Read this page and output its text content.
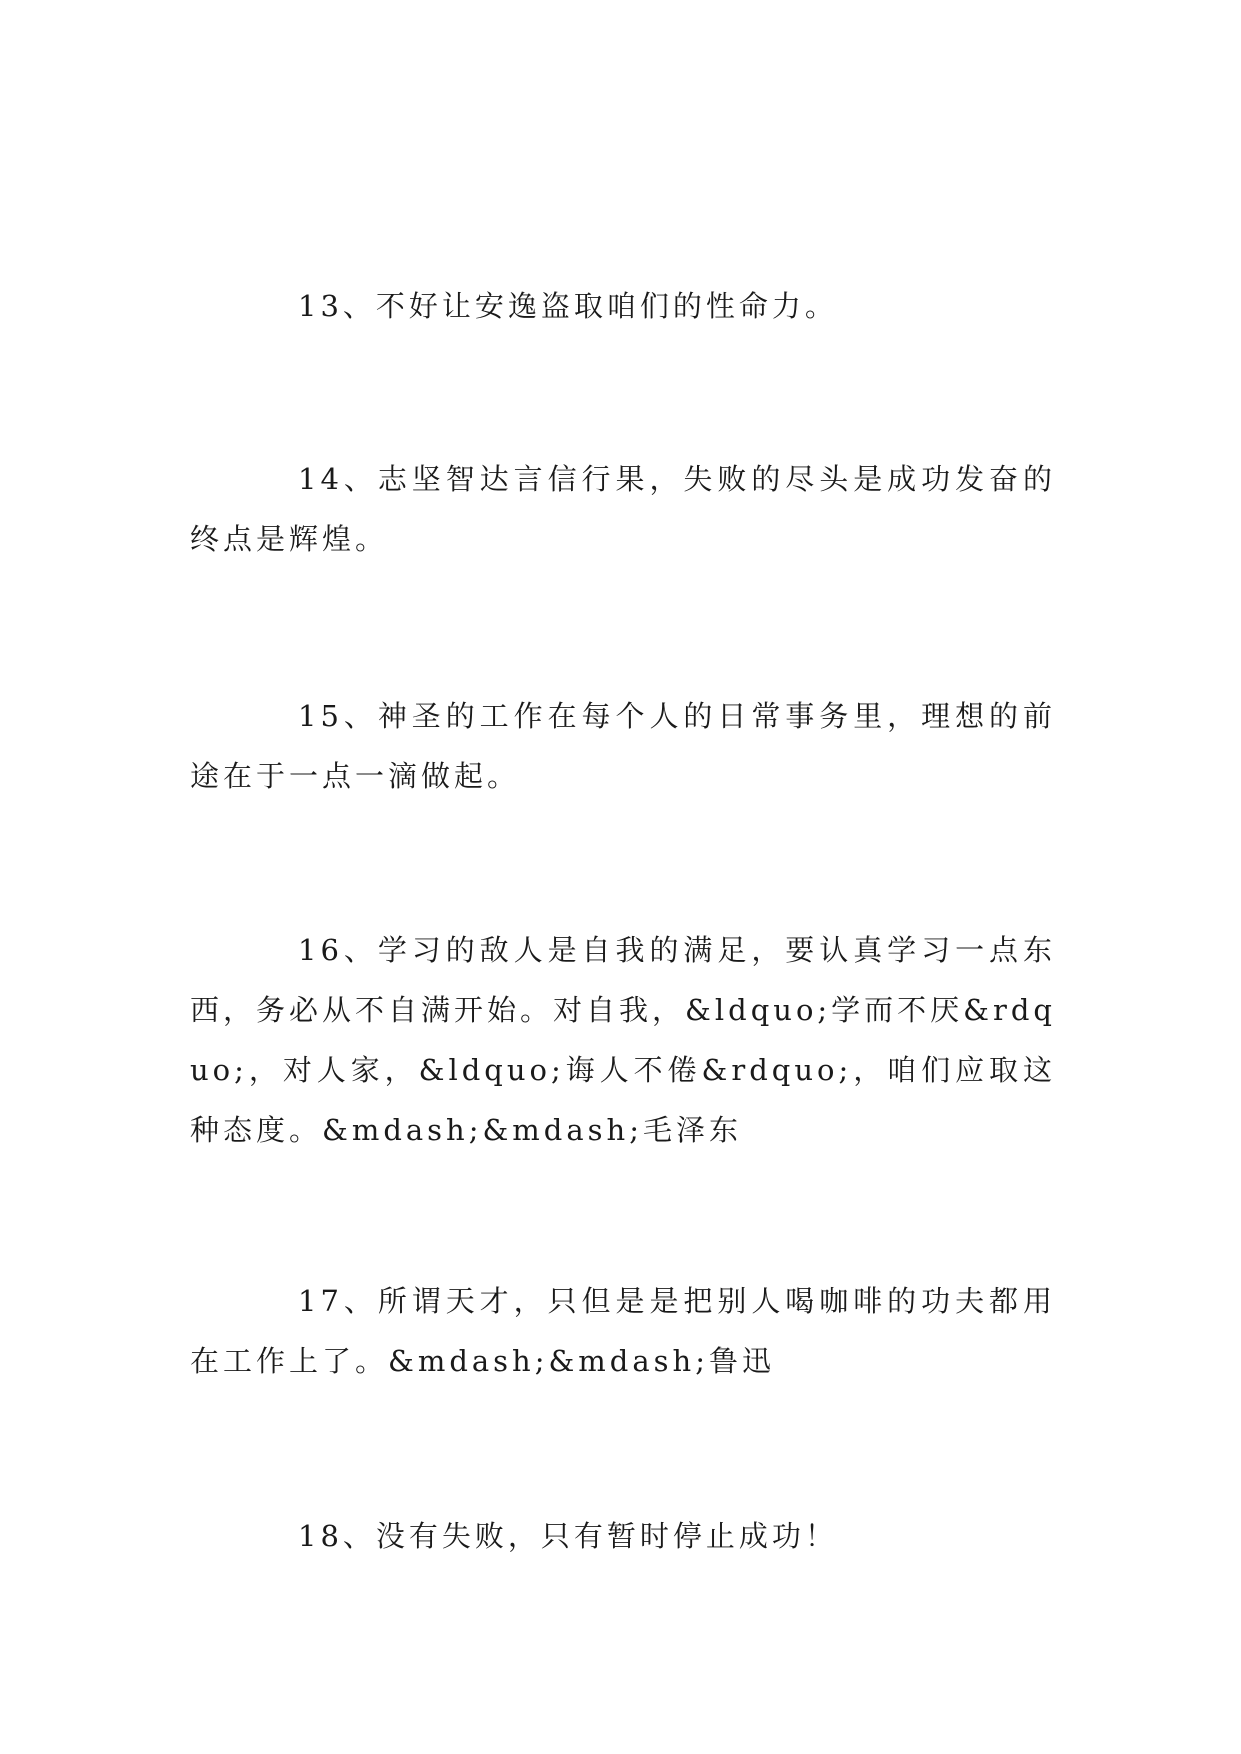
13、不好让安逸盗取咱们的性命力。

14、志坚智达言信行果，失败的尽头是成功发奋的终点是辉煌。

15、神圣的工作在每个人的日常事务里，理想的前途在于一点一滴做起。

16、学习的敌人是自我的满足，要认真学习一点东西，务必从不自满开始。对自我，&ldquo;学而不厌&rdquo;，对人家，&ldquo;诲人不倦&rdquo;，咱们应取这种态度。&mdash;&mdash;毛泽东

17、所谓天才，只但是是把别人喝咖啡的功夫都用在工作上了。&mdash;&mdash;鲁迅

18、没有失败，只有暂时停止成功！
